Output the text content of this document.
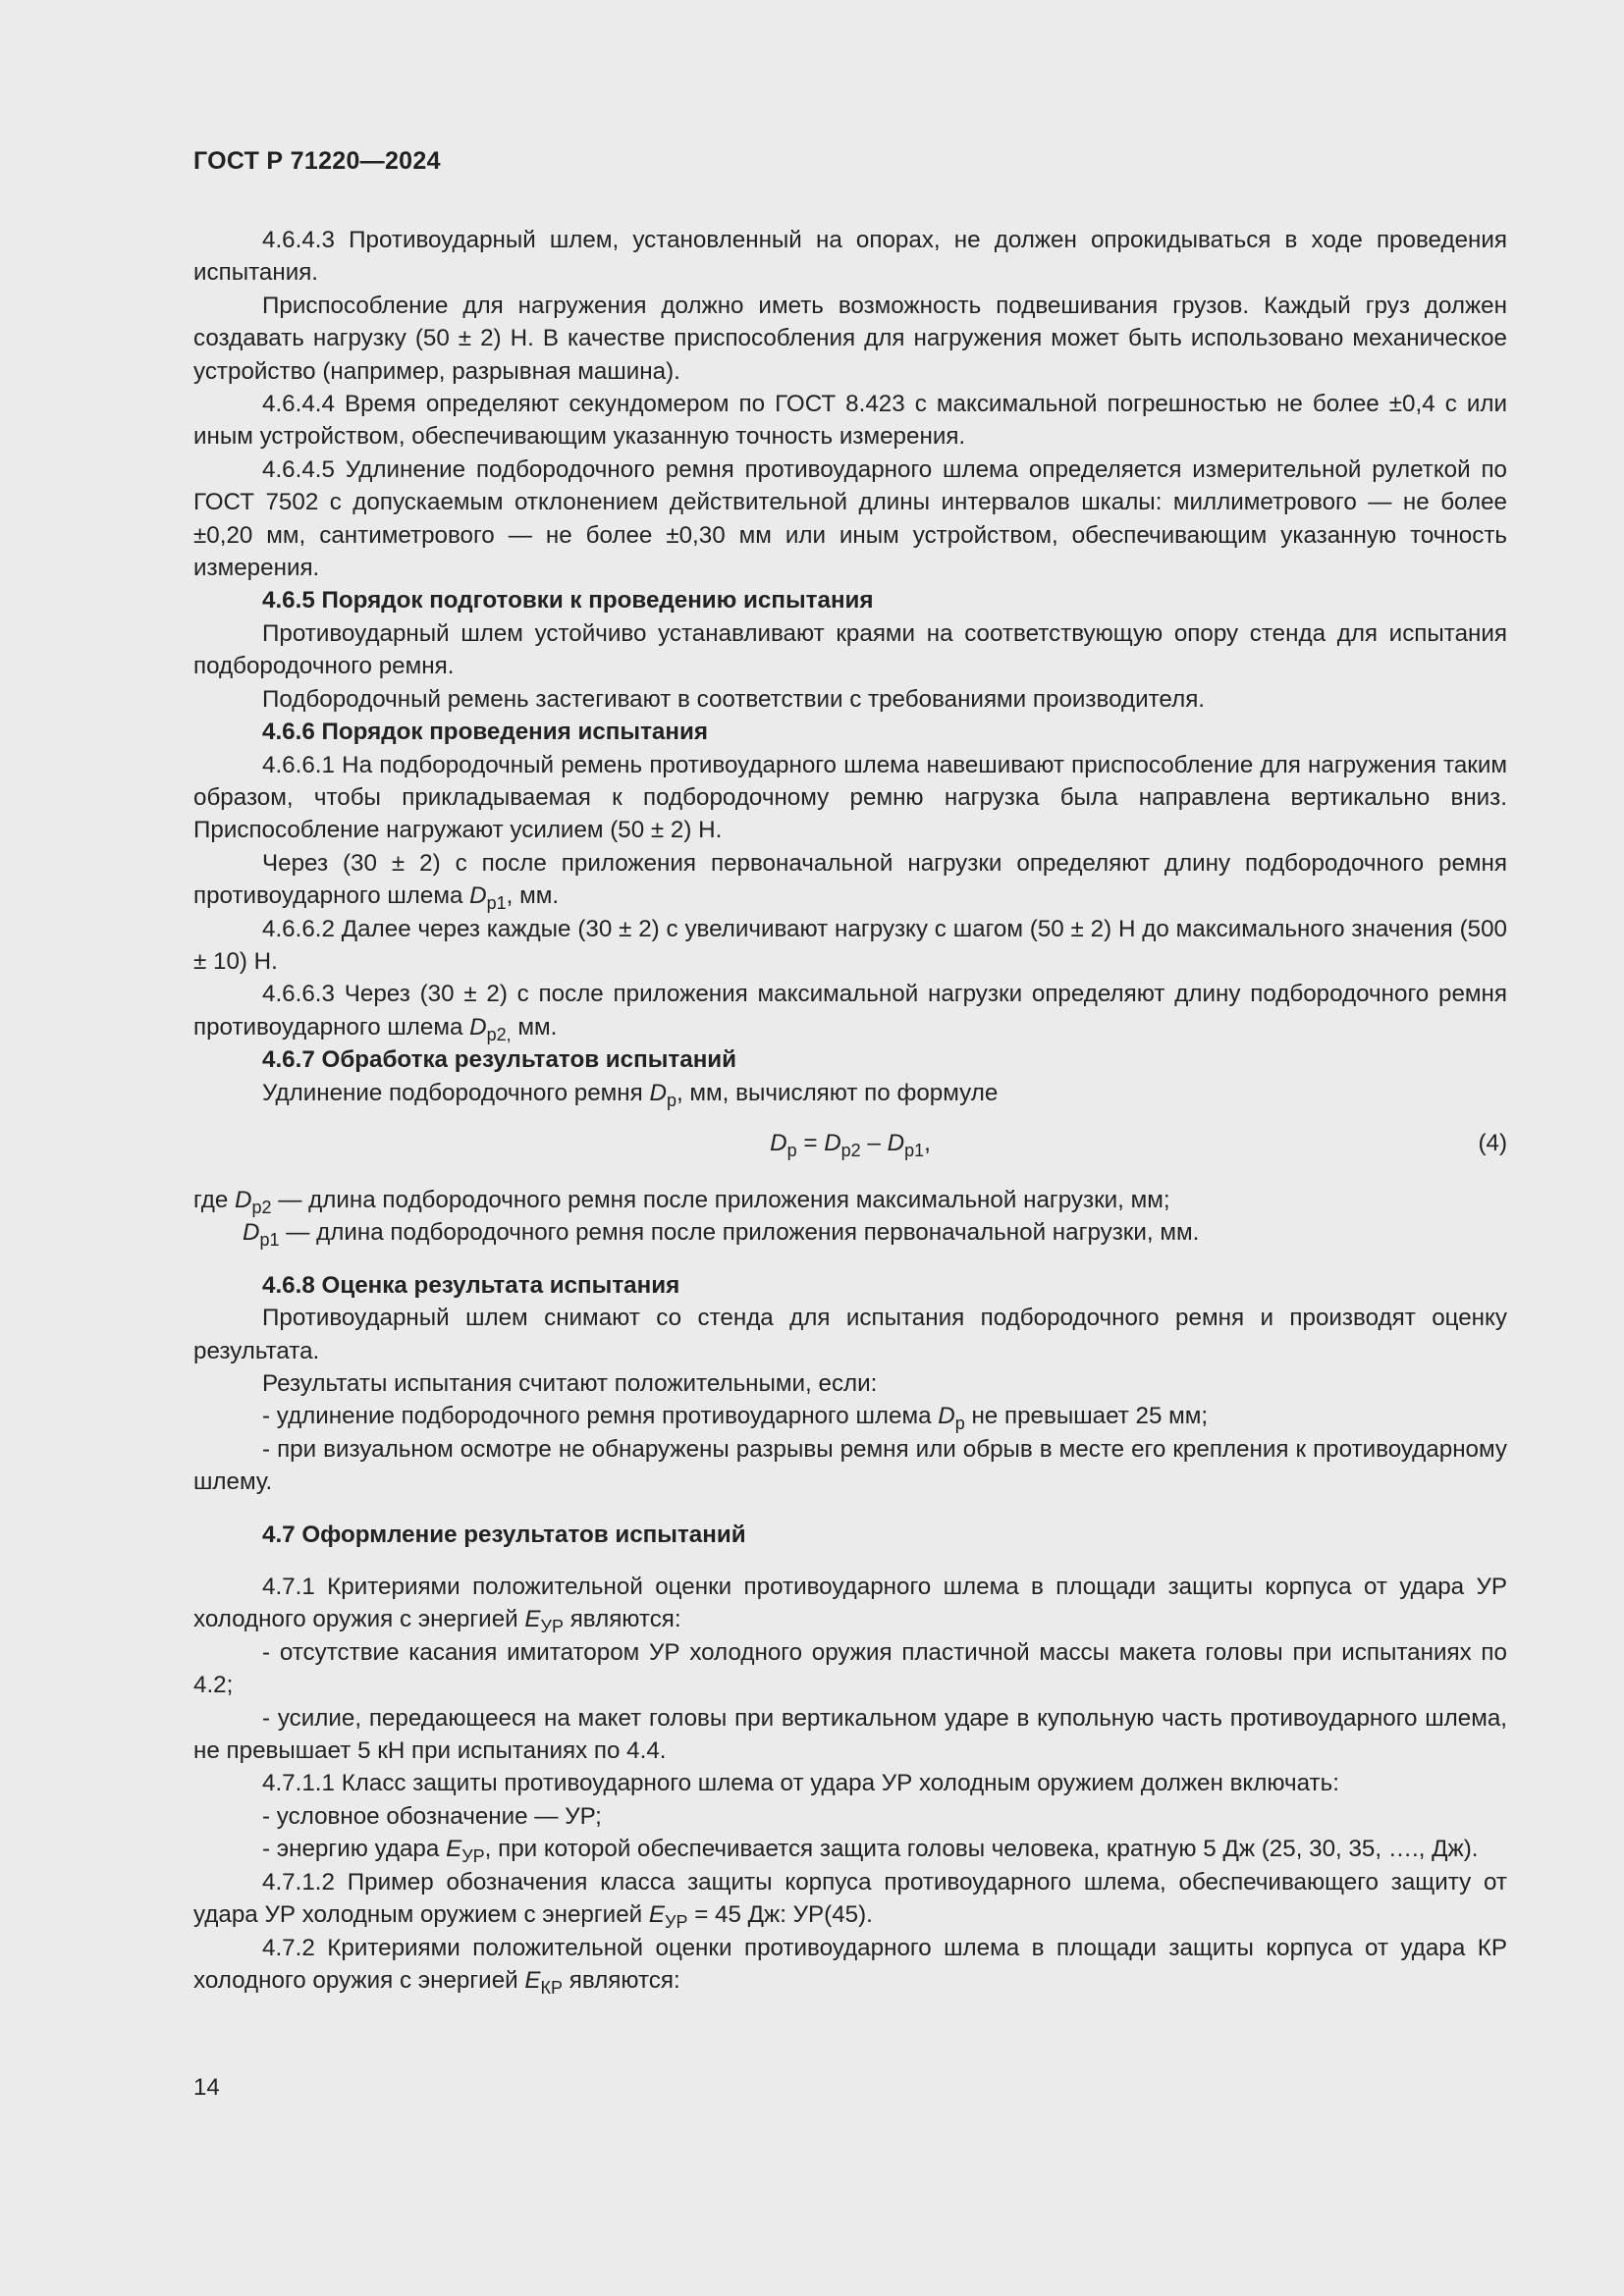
ГОСТ Р 71220—2024

4.6.4.3 Противоударный шлем, установленный на опорах, не должен опрокидываться в ходе проведения испытания.

Приспособление для нагружения должно иметь возможность подвешивания грузов. Каждый груз должен создавать нагрузку (50 ± 2) Н. В качестве приспособления для нагружения может быть использовано механическое устройство (например, разрывная машина).

4.6.4.4 Время определяют секундомером по ГОСТ 8.423 с максимальной погрешностью не более ±0,4 с или иным устройством, обеспечивающим указанную точность измерения.

4.6.4.5 Удлинение подбородочного ремня противоударного шлема определяется измерительной рулеткой по ГОСТ 7502 с допускаемым отклонением действительной длины интервалов шкалы: миллиметрового — не более ±0,20 мм, сантиметрового — не более ±0,30 мм или иным устройством, обеспечивающим указанную точность измерения.

4.6.5 Порядок подготовки к проведению испытания

Противоударный шлем устойчиво устанавливают краями на соответствующую опору стенда для испытания подбородочного ремня.

Подбородочный ремень застегивают в соответствии с требованиями производителя.

4.6.6 Порядок проведения испытания

4.6.6.1 На подбородочный ремень противоударного шлема навешивают приспособление для нагружения таким образом, чтобы прикладываемая к подбородочному ремню нагрузка была направлена вертикально вниз. Приспособление нагружают усилием (50 ± 2) Н.

Через (30 ± 2) с после приложения первоначальной нагрузки определяют длину подбородочного ремня противоударного шлема $D_{р1}$, мм.

4.6.6.2 Далее через каждые (30 ± 2) с увеличивают нагрузку с шагом (50 ± 2) Н до максимального значения (500 ± 10) Н.

4.6.6.3 Через (30 ± 2) с после приложения максимальной нагрузки определяют длину подбородочного ремня противоударного шлема $D_{р2,}$ мм.

4.6.7 Обработка результатов испытаний

Удлинение подбородочного ремня $D_р$, мм, вычисляют по формуле

$D_р = D_{р2} - D_{р1}$,	(4)

где $D_{р2}$ — длина подбородочного ремня после приложения максимальной нагрузки, мм;

$D_{р1}$ — длина подбородочного ремня после приложения первоначальной нагрузки, мм.

4.6.8 Оценка результата испытания

Противоударный шлем снимают со стенда для испытания подбородочного ремня и производят оценку результата.

Результаты испытания считают положительными, если:

- удлинение подбородочного ремня противоударного шлема $D_р$ не превышает 25 мм;

- при визуальном осмотре не обнаружены разрывы ремня или обрыв в месте его крепления к противоударному шлему.

4.7 Оформление результатов испытаний

4.7.1 Критериями положительной оценки противоударного шлема в площади защиты корпуса от удара УР холодного оружия с энергией $E_{УР}$ являются:

- отсутствие касания имитатором УР холодного оружия пластичной массы макета головы при испытаниях по 4.2;

- усилие, передающееся на макет головы при вертикальном ударе в купольную часть противоударного шлема, не превышает 5 кН при испытаниях по 4.4.

4.7.1.1 Класс защиты противоударного шлема от удара УР холодным оружием должен включать:

- условное обозначение — УР;

- энергию удара $E_{УР}$, при которой обеспечивается защита головы человека, кратную 5 Дж (25, 30, 35, …., Дж).

4.7.1.2 Пример обозначения класса защиты корпуса противоударного шлема, обеспечивающего защиту от удара УР холодным оружием с энергией $E_{УР} = 45$ Дж: УР(45).

4.7.2 Критериями положительной оценки противоударного шлема в площади защиты корпуса от удара КР холодного оружия с энергией $E_{КР}$ являются:

14
